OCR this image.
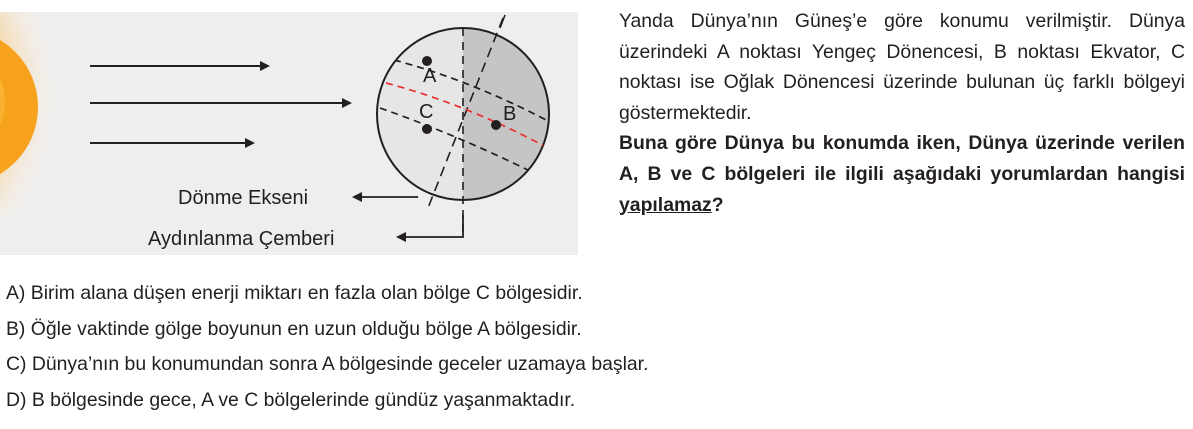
A
B
C
Dönme Ekseni
Aydınlanma Çemberi

Yanda Dünya’nın Güneş’e göre konumu verilmiştir. Dünya üzerindeki A noktası Yengeç Dönencesi, B noktası Ekvator, C noktası ise Oğlak Dönencesi üzerinde bulunan üç farklı bölgeyi göstermektedir.
Buna göre Dünya bu konumda iken, Dünya üzerinde verilen A, B ve C bölgeleri ile ilgili aşağıdaki yorumlardan hangisi yapılamaz?

A) Birim alana düşen enerji miktarı en fazla olan bölge C bölgesidir.
B) Öğle vaktinde gölge boyunun en uzun olduğu bölge A bölgesidir.
C) Dünya’nın bu konumundan sonra A bölgesinde geceler uzamaya başlar.
D) B bölgesinde gece, A ve C bölgelerinde gündüz yaşanmaktadır.
